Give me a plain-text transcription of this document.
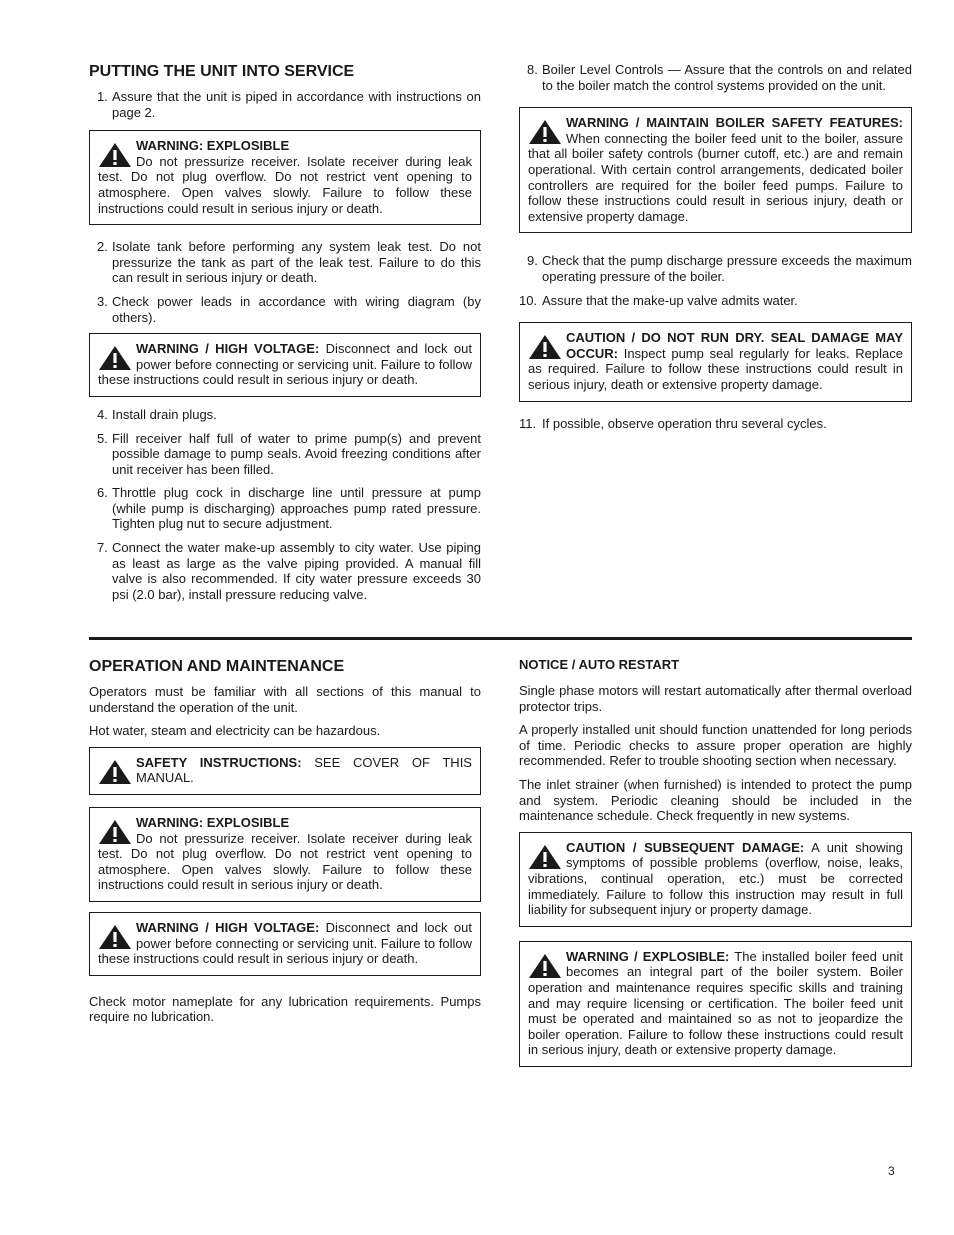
PUTTING THE UNIT INTO SERVICE
1. Assure that the unit is piped in accordance with instructions on page 2.
WARNING: EXPLOSIBLE
Do not pressurize receiver. Isolate receiver during leak test. Do not plug overflow. Do not restrict vent opening to atmosphere. Open valves slowly. Failure to follow these instructions could result in serious injury or death.
2. Isolate tank before performing any system leak test. Do not pressurize the tank as part of the leak test. Failure to do this can result in serious injury or death.
3. Check power leads in accordance with wiring diagram (by others).
WARNING / HIGH VOLTAGE: Disconnect and lock out power before connecting or servicing unit. Failure to follow these instructions could result in serious injury or death.
4. Install drain plugs.
5. Fill receiver half full of water to prime pump(s) and prevent possible damage to pump seals. Avoid freezing conditions after unit receiver has been filled.
6. Throttle plug cock in discharge line until pressure at pump (while pump is discharging) approaches pump rated pressure. Tighten plug nut to secure adjustment.
7. Connect the water make-up assembly to city water. Use piping as least as large as the valve piping provided. A manual fill valve is also recommended. If city water pressure exceeds 30 psi (2.0 bar), install pressure reducing valve.
8. Boiler Level Controls — Assure that the controls on and related to the boiler match the control systems provided on the unit.
WARNING / MAINTAIN BOILER SAFETY FEATURES: When connecting the boiler feed unit to the boiler, assure that all boiler safety controls (burner cutoff, etc.) are and remain operational. With certain control arrangements, dedicated boiler controllers are required for the boiler feed pumps. Failure to follow these instructions could result in serious injury, death or extensive property damage.
9. Check that the pump discharge pressure exceeds the maximum operating pressure of the boiler.
10. Assure that the make-up valve admits water.
CAUTION / DO NOT RUN DRY. SEAL DAMAGE MAY OCCUR: Inspect pump seal regularly for leaks. Replace as required. Failure to follow these instructions could result in serious injury, death or extensive property damage.
11. If possible, observe operation thru several cycles.
OPERATION AND MAINTENANCE

Operators must be familiar with all sections of this manual to understand the operation of the unit.

Hot water, steam and electricity can be hazardous.

SAFETY INSTRUCTIONS: SEE COVER OF THIS MANUAL.
WARNING: EXPLOSIBLE
Do not pressurize receiver. Isolate receiver during leak test. Do not plug overflow. Do not restrict vent opening to atmosphere. Open valves slowly. Failure to follow these instructions could result in serious injury or death.
WARNING / HIGH VOLTAGE: Disconnect and lock out power before connecting or servicing unit. Failure to follow these instructions could result in serious injury or death.

Check motor nameplate for any lubrication requirements. Pumps require no lubrication.

NOTICE / AUTO RESTART

Single phase motors will restart automatically after thermal overload protector trips.

A properly installed unit should function unattended for long periods of time. Periodic checks to assure proper operation are highly recommended. Refer to trouble shooting section when necessary.

The inlet strainer (when furnished) is intended to protect the pump and system. Periodic cleaning should be included in the maintenance schedule. Check frequently in new systems.

CAUTION / SUBSEQUENT DAMAGE: A unit showing symptoms of possible problems (overflow, noise, leaks, vibrations, continual operation, etc.) must be corrected immediately. Failure to follow this instruction may result in full liability for subsequent injury or property damage.
WARNING / EXPLOSIBLE: The installed boiler feed unit becomes an integral part of the boiler system. Boiler operation and maintenance requires specific skills and training and may require licensing or certification. The boiler feed unit must be operated and maintained so as not to jeopardize the boiler operation. Failure to follow these instructions could result in serious injury, death or extensive property damage.
3
